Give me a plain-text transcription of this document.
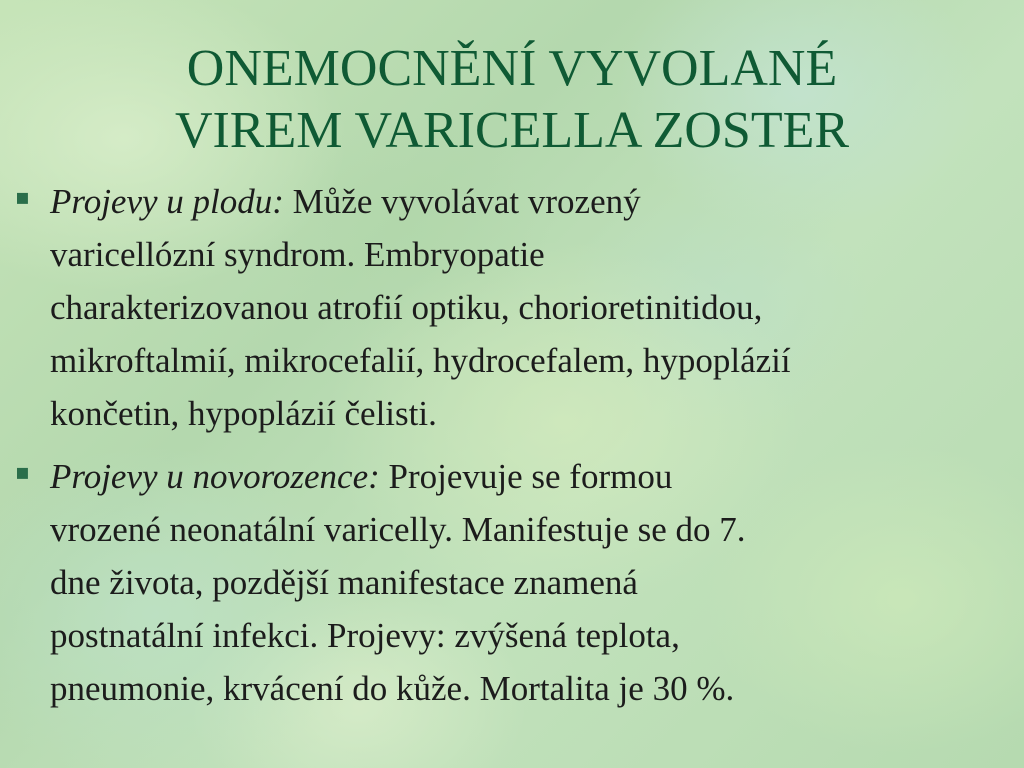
ONEMOCNĚNÍ VYVOLANÉ
VIREM VARICELLA ZOSTER
▪ Projevy u plodu: Může vyvolávat vrozený
varicellózní syndrom. Embryopatie
charakterizovanou atrofií optiku, chorioretinitidou,
mikroftalmií, mikrocefalií, hydrocefalem, hypoplázií
končetin, hypoplázií čelisti.
▪ Projevy u novorozence: Projevuje se formou
vrozené neonatální varicelly. Manifestuje se do 7.
dne života, pozdější manifestace znamená
postnatální infekci. Projevy: zvýšená teplota,
pneumonie, krvácení do kůže. Mortalita je 30 %.
